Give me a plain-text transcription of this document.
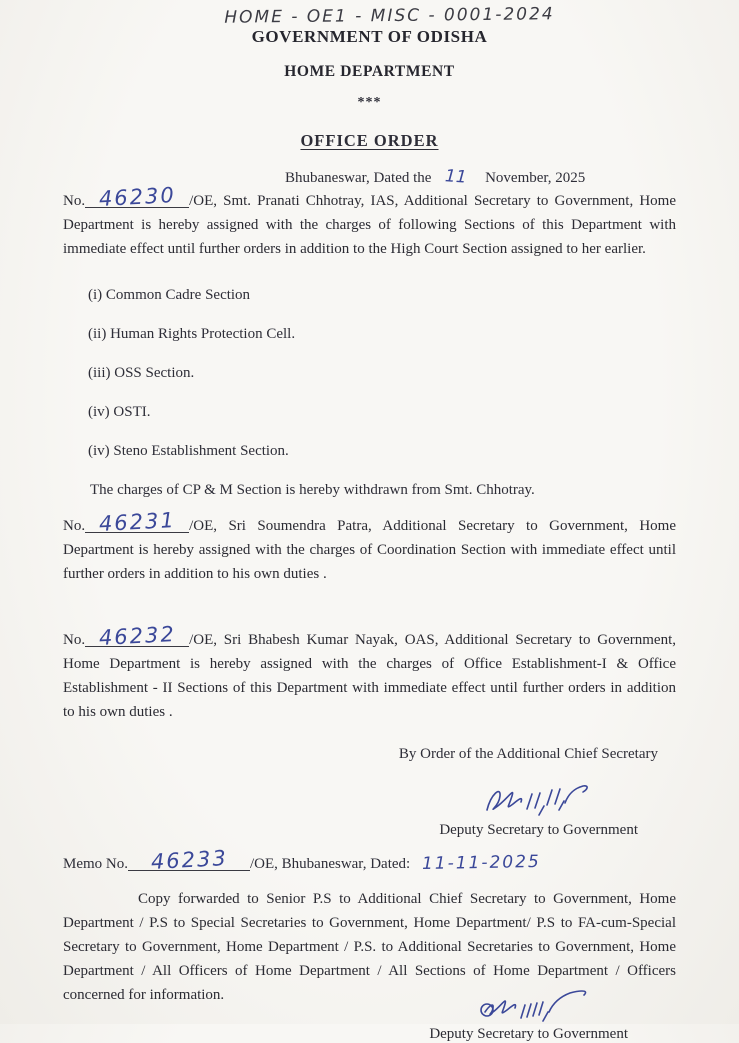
HOME - OE1 - MISC - 0001-2024
GOVERNMENT OF ODISHA
HOME DEPARTMENT
***
OFFICE ORDER
Bhubaneswar, Dated the 11 November, 2025

No. 46230 /OE, Smt. Pranati Chhotray, IAS, Additional Secretary to Government, Home Department is hereby assigned with the charges of following Sections of this Department with immediate effect until further orders in addition to the High Court Section assigned to her earlier.

(i) Common Cadre Section
(ii) Human Rights Protection Cell.
(iii) OSS Section.
(iv) OSTI.
(iv) Steno Establishment Section.
The charges of CP & M Section is hereby withdrawn from Smt. Chhotray.

No. 46231 /OE, Sri Soumendra Patra, Additional Secretary to Government, Home Department is hereby assigned with the charges of Coordination Section with immediate effect until further orders in addition to his own duties .

No. 46232 /OE, Sri Bhabesh Kumar Nayak, OAS, Additional Secretary to Government, Home Department is hereby assigned with the charges of Office Establishment-I & Office Establishment - II Sections of this Department with immediate effect until further orders in addition to his own duties .

By Order of the Additional Chief Secretary
Deputy Secretary to Government
Memo No. 46233 /OE, Bhubaneswar, Dated: 11-11-2025

Copy forwarded to Senior P.S to Additional Chief Secretary to Government, Home Department / P.S to Special Secretaries to Government, Home Department/ P.S to FA-cum-Special Secretary to Government, Home Department / P.S. to Additional Secretaries to Government, Home Department / All Officers of Home Department / All Sections of Home Department / Officers concerned for information.

Deputy Secretary to Government
